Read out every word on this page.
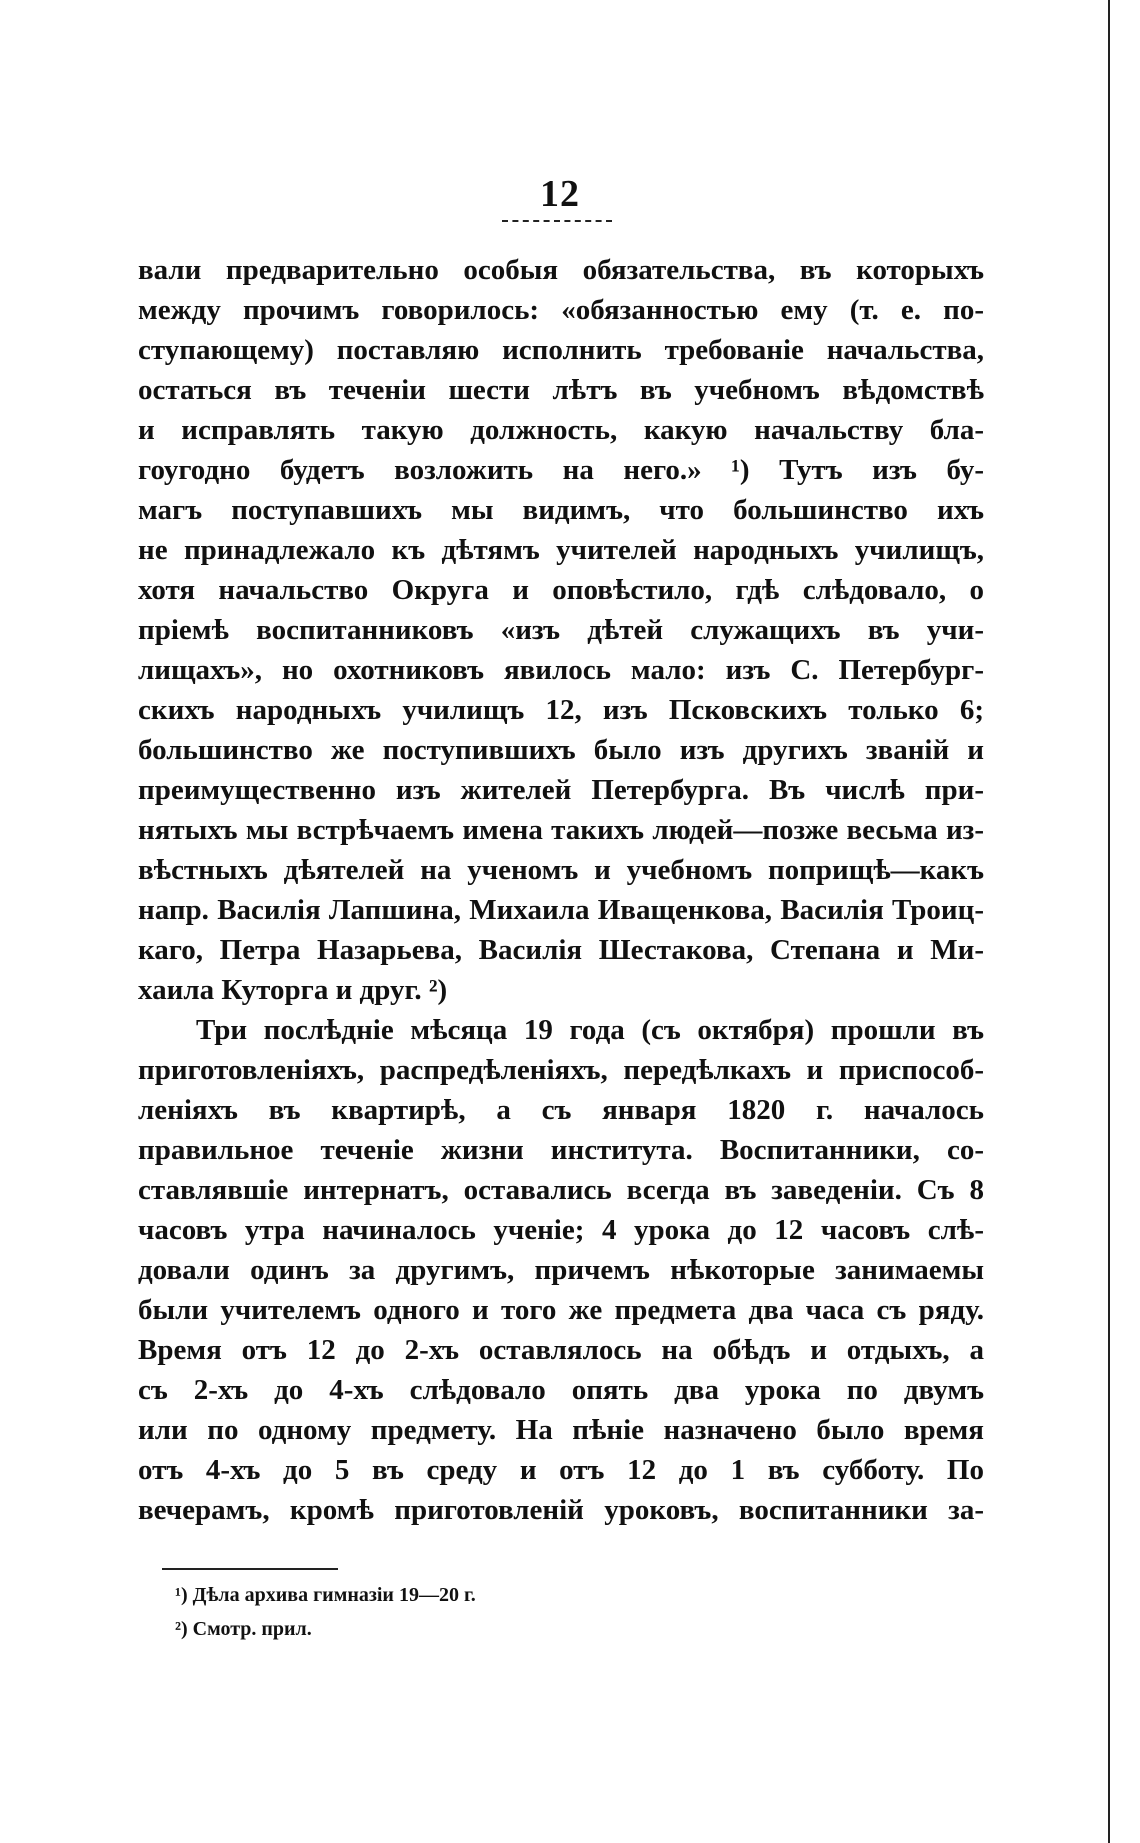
12
вали предварительно особыя обязательства, въ которыхъ
между прочимъ говорилось: «обязанностью ему (т. е. по-
ступающему) поставляю исполнить требованіе начальства,
остаться въ теченіи шести лѣтъ въ учебномъ вѣдомствѣ
и исправлять такую должность, какую начальству бла-
гоугодно будетъ возложить на него.» ¹) Тутъ изъ бу-
магъ поступавшихъ мы видимъ, что большинство ихъ
не принадлежало къ дѣтямъ учителей народныхъ училищъ,
хотя начальство Округа и оповѣстило, гдѣ слѣдовало, о
пріемѣ воспитанниковъ «изъ дѣтей служащихъ въ учи-
лищахъ», но охотниковъ явилось мало: изъ С. Петербург-
скихъ народныхъ училищъ 12, изъ Псковскихъ только 6;
большинство же поступившихъ было изъ другихъ званій и
преимущественно изъ жителей Петербурга. Въ числѣ при-
нятыхъ мы встрѣчаемъ имена такихъ людей—позже весьма из-
вѣстныхъ дѣятелей на ученомъ и учебномъ поприщѣ—какъ
напр. Василія Лапшина, Михаила Иващенкова, Василія Троиц-
каго, Петра Назарьева, Василія Шестакова, Степана и Ми-
хаила Куторга и друг. ²)
Три послѣдніе мѣсяца 19 года (съ октября) прошли въ
приготовленіяхъ, распредѣленіяхъ, передѣлкахъ и приспособ-
леніяхъ въ квартирѣ, а съ января 1820 г. началось
правильное теченіе жизни института. Воспитанники, со-
ставлявшіе интернатъ, оставались всегда въ заведеніи. Съ 8
часовъ утра начиналось ученіе; 4 урока до 12 часовъ слѣ-
довали одинъ за другимъ, причемъ нѣкоторые занимаемы
были учителемъ одного и того же предмета два часа съ ряду.
Время отъ 12 до 2-хъ оставлялось на обѣдъ и отдыхъ, а
съ 2-хъ до 4-хъ слѣдовало опять два урока по двумъ
или по одному предмету. На пѣніе назначено было время
отъ 4-хъ до 5 въ среду и отъ 12 до 1 въ субботу. По
вечерамъ, кромѣ приготовленій уроковъ, воспитанники за-
¹) Дѣла архива гимназіи 19—20 г.
²) Смотр. прил.
